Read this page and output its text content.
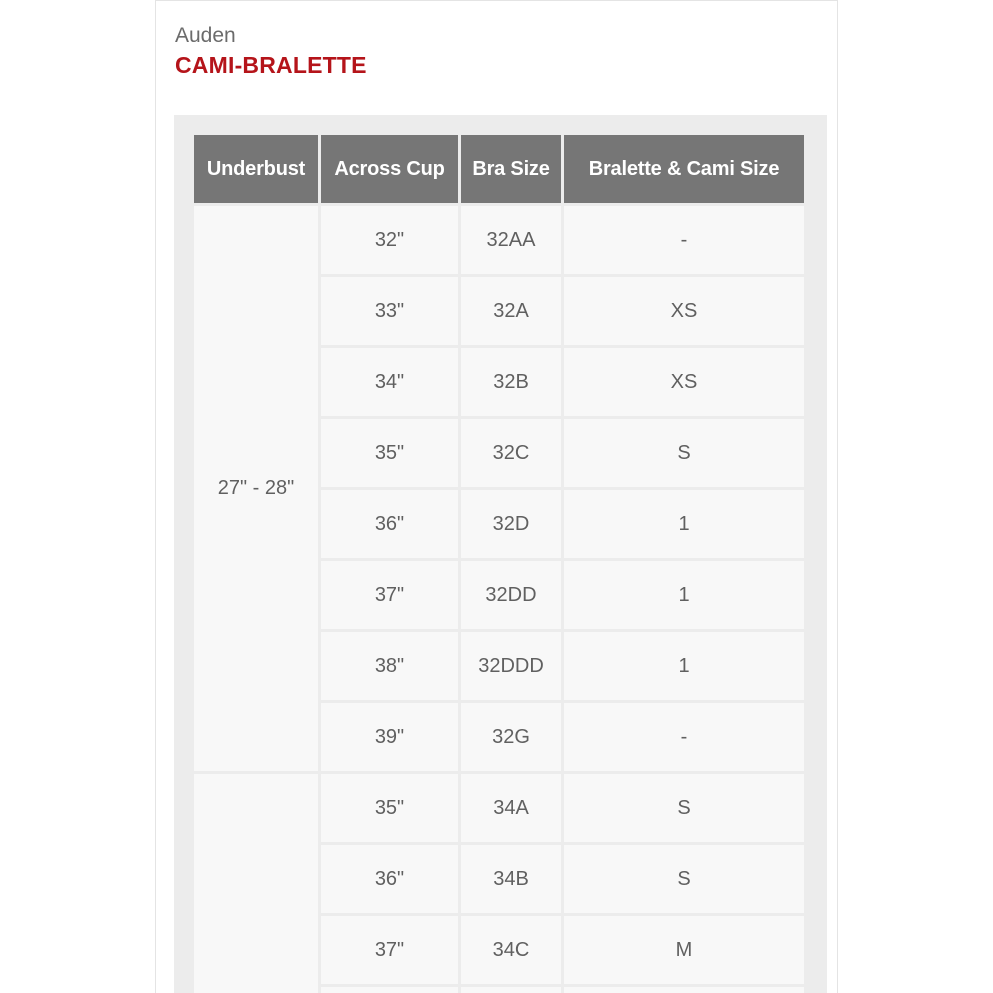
Auden
CAMI-BRALETTE
Underbust	Across Cup	Bra Size	Bralette & Cami Size
27" - 28"	32"	32AA	-
	33"	32A	XS
	34"	32B	XS
	35"	32C	S
	36"	32D	1
	37"	32DD	1
	38"	32DDD	1
	39"	32G	-
	35"	34A	S
	36"	34B	S
	37"	34C	M
